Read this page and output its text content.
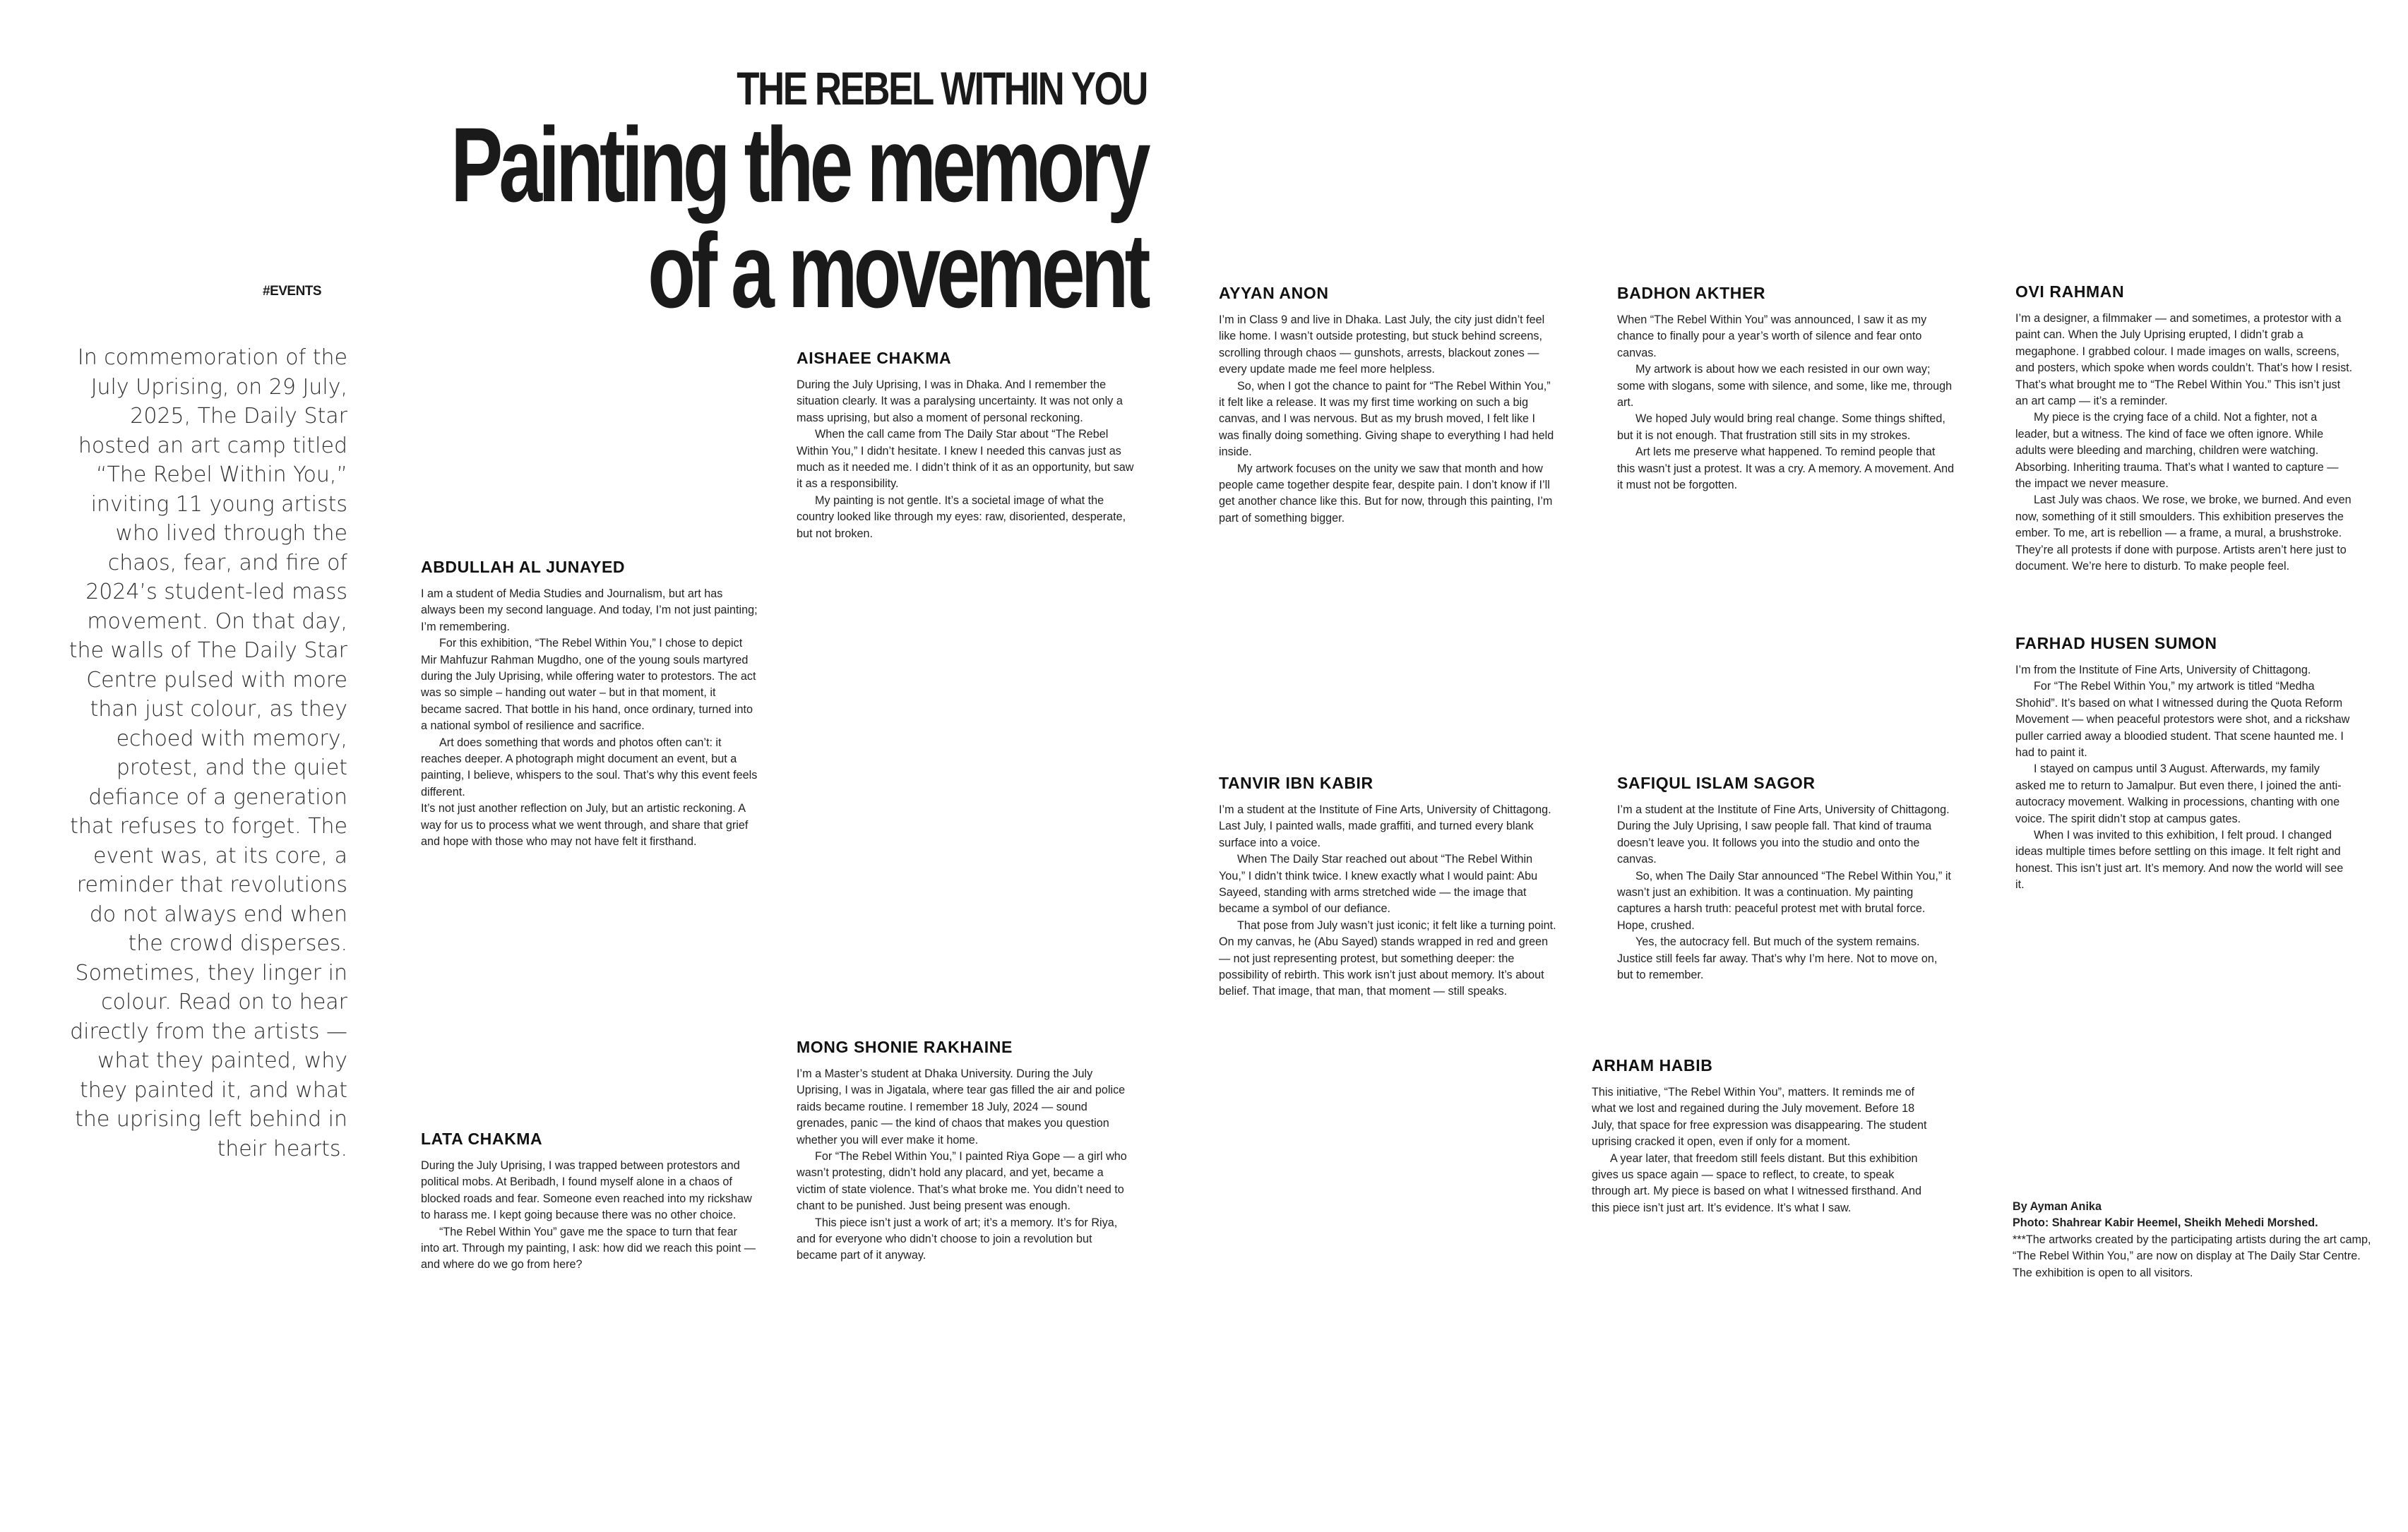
THE REBEL WITHIN YOU
Painting the memory
of a movement
#EVENTS

In commemoration of the July Uprising, on 29 July, 2025, The Daily Star hosted an art camp titled “The Rebel Within You,” inviting 11 young artists who lived through the chaos, fear, and fire of 2024’s student-led mass movement. On that day, the walls of The Daily Star Centre pulsed with more than just colour, as they echoed with memory, protest, and the quiet defiance of a generation that refuses to forget. The event was, at its core, a reminder that revolutions do not always end when the crowd disperses. Sometimes, they linger in colour. Read on to hear directly from the artists — what they painted, why they painted it, and what the uprising left behind in their hearts.

ABDULLAH AL JUNAYED

I am a student of Media Studies and Journalism, but art has always been my second language. And today, I’m not just painting; I’m remembering.

For this exhibition, “The Rebel Within You,” I chose to depict Mir Mahfuzur Rahman Mugdho, one of the young souls martyred during the July Uprising, while offering water to protestors. The act was so simple – handing out water – but in that moment, it became sacred. That bottle in his hand, once ordinary, turned into a national symbol of resilience and sacrifice.

Art does something that words and photos often can’t: it reaches deeper. A photograph might document an event, but a painting, I believe, whispers to the soul. That’s why this event feels different.

It’s not just another reflection on July, but an artistic reckoning. A way for us to process what we went through, and share that grief and hope with those who may not have felt it firsthand.

LATA CHAKMA

During the July Uprising, I was trapped between protestors and political mobs. At Beribadh, I found myself alone in a chaos of blocked roads and fear. Someone even reached into my rickshaw to harass me. I kept going because there was no other choice.

“The Rebel Within You” gave me the space to turn that fear into art. Through my painting, I ask: how did we reach this point — and where do we go from here?

AISHAEE CHAKMA

During the July Uprising, I was in Dhaka. And I remember the situation clearly. It was a paralysing uncertainty. It was not only a mass uprising, but also a moment of personal reckoning.

When the call came from The Daily Star about “The Rebel Within You,” I didn’t hesitate. I knew I needed this canvas just as much as it needed me. I didn’t think of it as an opportunity, but saw it as a responsibility.

My painting is not gentle. It’s a societal image of what the country looked like through my eyes: raw, disoriented, desperate, but not broken.

MONG SHONIE RAKHAINE

I’m a Master’s student at Dhaka University. During the July Uprising, I was in Jigatala, where tear gas filled the air and police raids became routine. I remember 18 July, 2024 — sound grenades, panic — the kind of chaos that makes you question whether you will ever make it home.

For “The Rebel Within You,” I painted Riya Gope — a girl who wasn’t protesting, didn’t hold any placard, and yet, became a victim of state violence. That’s what broke me. You didn’t need to chant to be punished. Just being present was enough.

This piece isn’t just a work of art; it’s a memory. It’s for Riya, and for everyone who didn’t choose to join a revolution but became part of it anyway.

AYYAN ANON

I’m in Class 9 and live in Dhaka. Last July, the city just didn’t feel like home. I wasn’t outside protesting, but stuck behind screens, scrolling through chaos — gunshots, arrests, blackout zones — every update made me feel more helpless.

So, when I got the chance to paint for “The Rebel Within You,” it felt like a release. It was my first time working on such a big canvas, and I was nervous. But as my brush moved, I felt like I was finally doing something. Giving shape to everything I had held inside.

My artwork focuses on the unity we saw that month and how people came together despite fear, despite pain. I don’t know if I’ll get another chance like this. But for now, through this painting, I’m part of something bigger.

TANVIR IBN KABIR

I’m a student at the Institute of Fine Arts, University of Chittagong. Last July, I painted walls, made graffiti, and turned every blank surface into a voice.

When The Daily Star reached out about “The Rebel Within You,” I didn’t think twice. I knew exactly what I would paint: Abu Sayeed, standing with arms stretched wide — the image that became a symbol of our defiance.

That pose from July wasn’t just iconic; it felt like a turning point. On my canvas, he (Abu Sayed) stands wrapped in red and green — not just representing protest, but something deeper: the possibility of rebirth. This work isn’t just about memory. It’s about belief. That image, that man, that moment — still speaks.

BADHON AKTHER

When “The Rebel Within You” was announced, I saw it as my chance to finally pour a year’s worth of silence and fear onto canvas.

My artwork is about how we each resisted in our own way; some with slogans, some with silence, and some, like me, through art.

We hoped July would bring real change. Some things shifted, but it is not enough. That frustration still sits in my strokes.

Art lets me preserve what happened. To remind people that this wasn’t just a protest. It was a cry. A memory. A movement. And it must not be forgotten.

SAFIQUL ISLAM SAGOR

I’m a student at the Institute of Fine Arts, University of Chittagong. During the July Uprising, I saw people fall. That kind of trauma doesn’t leave you. It follows you into the studio and onto the canvas.

So, when The Daily Star announced “The Rebel Within You,” it wasn’t just an exhibition. It was a continuation. My painting captures a harsh truth: peaceful protest met with brutal force. Hope, crushed.

Yes, the autocracy fell. But much of the system remains. Justice still feels far away. That’s why I’m here. Not to move on, but to remember.

ARHAM HABIB

This initiative, “The Rebel Within You”, matters. It reminds me of what we lost and regained during the July movement. Before 18 July, that space for free expression was disappearing. The student uprising cracked it open, even if only for a moment.

A year later, that freedom still feels distant. But this exhibition gives us space again — space to reflect, to create, to speak through art. My piece is based on what I witnessed firsthand. And this piece isn’t just art. It’s evidence. It’s what I saw.

OVI RAHMAN

I’m a designer, a filmmaker — and sometimes, a protestor with a paint can. When the July Uprising erupted, I didn’t grab a megaphone. I grabbed colour. I made images on walls, screens, and posters, which spoke when words couldn’t. That’s how I resist. That’s what brought me to “The Rebel Within You.” This isn’t just an art camp — it’s a reminder.

My piece is the crying face of a child. Not a fighter, not a leader, but a witness. The kind of face we often ignore. While adults were bleeding and marching, children were watching. Absorbing. Inheriting trauma. That’s what I wanted to capture — the impact we never measure.

Last July was chaos. We rose, we broke, we burned. And even now, something of it still smoulders. This exhibition preserves the ember. To me, art is rebellion — a frame, a mural, a brushstroke. They’re all protests if done with purpose. Artists aren’t here just to document. We’re here to disturb. To make people feel.

FARHAD HUSEN SUMON

I’m from the Institute of Fine Arts, University of Chittagong.

For “The Rebel Within You,” my artwork is titled “Medha Shohid”. It’s based on what I witnessed during the Quota Reform Movement — when peaceful protestors were shot, and a rickshaw puller carried away a bloodied student. That scene haunted me. I had to paint it.

I stayed on campus until 3 August. Afterwards, my family asked me to return to Jamalpur. But even there, I joined the anti-autocracy movement. Walking in processions, chanting with one voice. The spirit didn’t stop at campus gates.

When I was invited to this exhibition, I felt proud. I changed ideas multiple times before settling on this image. It felt right and honest. This isn’t just art. It’s memory. And now the world will see it.

By Ayman Anika

Photo: Shahrear Kabir Heemel, Sheikh Mehedi Morshed.

***The artworks created by the participating artists during the art camp, “The Rebel Within You,” are now on display at The Daily Star Centre. The exhibition is open to all visitors.
